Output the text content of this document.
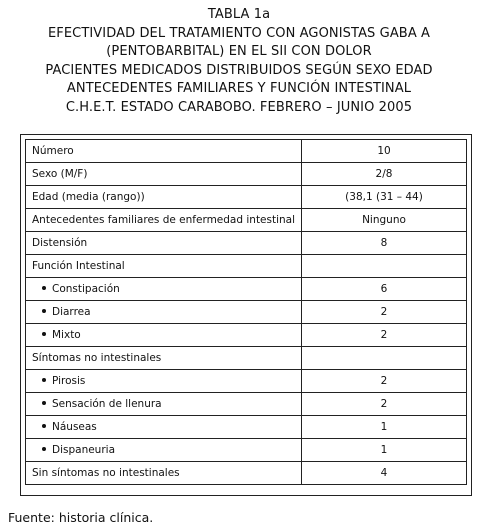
TABLA 1a
EFECTIVIDAD DEL TRATAMIENTO CON AGONISTAS GABA A
(PENTOBARBITAL) EN EL SII CON DOLOR
PACIENTES MEDICADOS DISTRIBUIDOS SEGÚN SEXO EDAD
ANTECEDENTES FAMILIARES Y FUNCIÓN INTESTINAL
C.H.E.T. ESTADO CARABOBO. FEBRERO – JUNIO 2005
Número	10
Sexo (M/F)	2/8
Edad (media (rango))	(38,1 (31 – 44)
Antecedentes familiares de enfermedad intestinal	Ninguno
Distensión	8
Función Intestinal	
Constipación	6
Diarrea	2
Mixto	2
Síntomas no intestinales	
Pirosis	2
Sensación de llenura	2
Náuseas	1
Dispaneuria	1
Sin síntomas no intestinales	4
Fuente: historia clínica.
